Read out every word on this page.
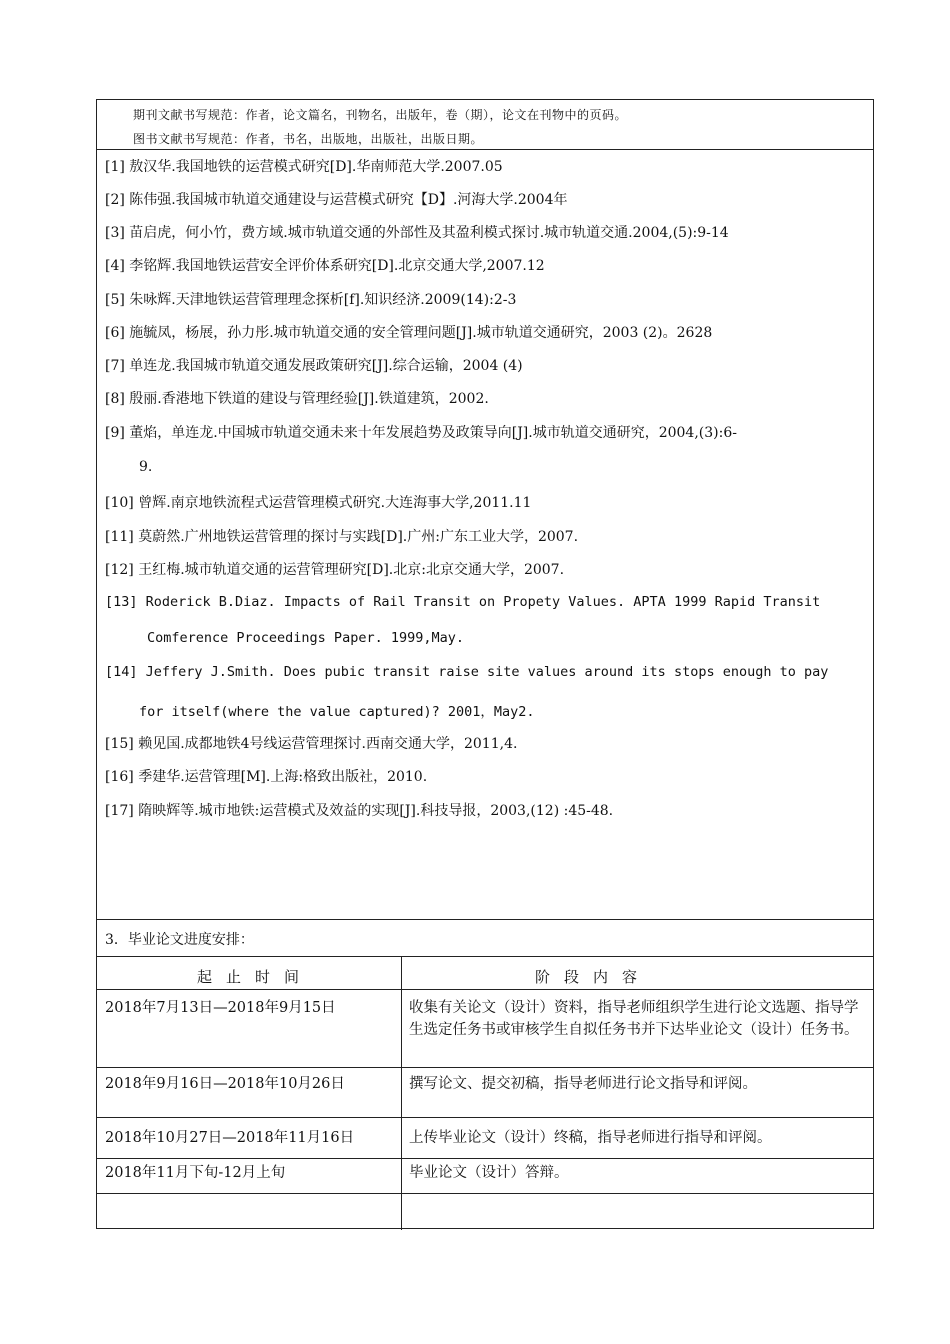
期刊文献书写规范：作者，论文篇名，刊物名，出版年，卷（期），论文在刊物中的页码。
图书文献书写规范：作者，书名，出版地，出版社，出版日期。
[1] 敖汉华.我国地铁的运营模式研究[D].华南师范大学.2007.05
[2] 陈伟强.我国城市轨道交通建设与运营模式研究【D】.河海大学.2004年
[3] 苗启虎，何小竹，费方域.城市轨道交通的外部性及其盈利模式探讨.城市轨道交通.2004,(5):9-14
[4] 李铭辉.我国地铁运营安全评价体系研究[D].北京交通大学,2007.12
[5] 朱咏辉.天津地铁运营管理理念探析[f].知识经济.2009(14):2-3
[6] 施毓凤，杨展，孙力彤.城市轨道交通的安全管理问题[J].城市轨道交通研究，2003 (2)。2628
[7] 单连龙.我国城市轨道交通发展政策研究[J].综合运输，2004 (4)
[8] 殷丽.香港地下铁道的建设与管理经验[J].铁道建筑，2002.
[9] 董焰，单连龙.中国城市轨道交通未来十年发展趋势及政策导向[J].城市轨道交通研究，2004,(3):6-
9.
[10] 曾辉.南京地铁流程式运营管理模式研究.大连海事大学,2011.11
[11] 莫蔚然.广州地铁运营管理的探讨与实践[D].广州:广东工业大学，2007.
[12] 王红梅.城市轨道交通的运营管理研究[D].北京:北京交通大学，2007.
[13] Roderick B.Diaz. Impacts of Rail Transit on Propety Values. APTA 1999 Rapid Transit
Comference Proceedings Paper. 1999,May.
[14] Jeffery J.Smith. Does pubic transit raise site values around its stops enough to pay
for itself(where the value captured)? 2001，May2.
[15] 赖见国.成都地铁4号线运营管理探讨.西南交通大学，2011,4.
[16] 季建华.运营管理[M].上海:格致出版社，2010.
[17] 隋映辉等.城市地铁:运营模式及效益的实现[J].科技导报，2003,(12) :45-48.
3．毕业论文进度安排：
起止时间	阶段内容
2018年7月13日—2018年9月15日	收集有关论文（设计）资料，指导老师组织学生进行论文选题、指导学生选定任务书或审核学生自拟任务书并下达毕业论文（设计）任务书。
2018年9月16日—2018年10月26日	撰写论文、提交初稿，指导老师进行论文指导和评阅。
2018年10月27日—2018年11月16日	上传毕业论文（设计）终稿，指导老师进行指导和评阅。
2018年11月下旬-12月上旬	毕业论文（设计）答辩。
